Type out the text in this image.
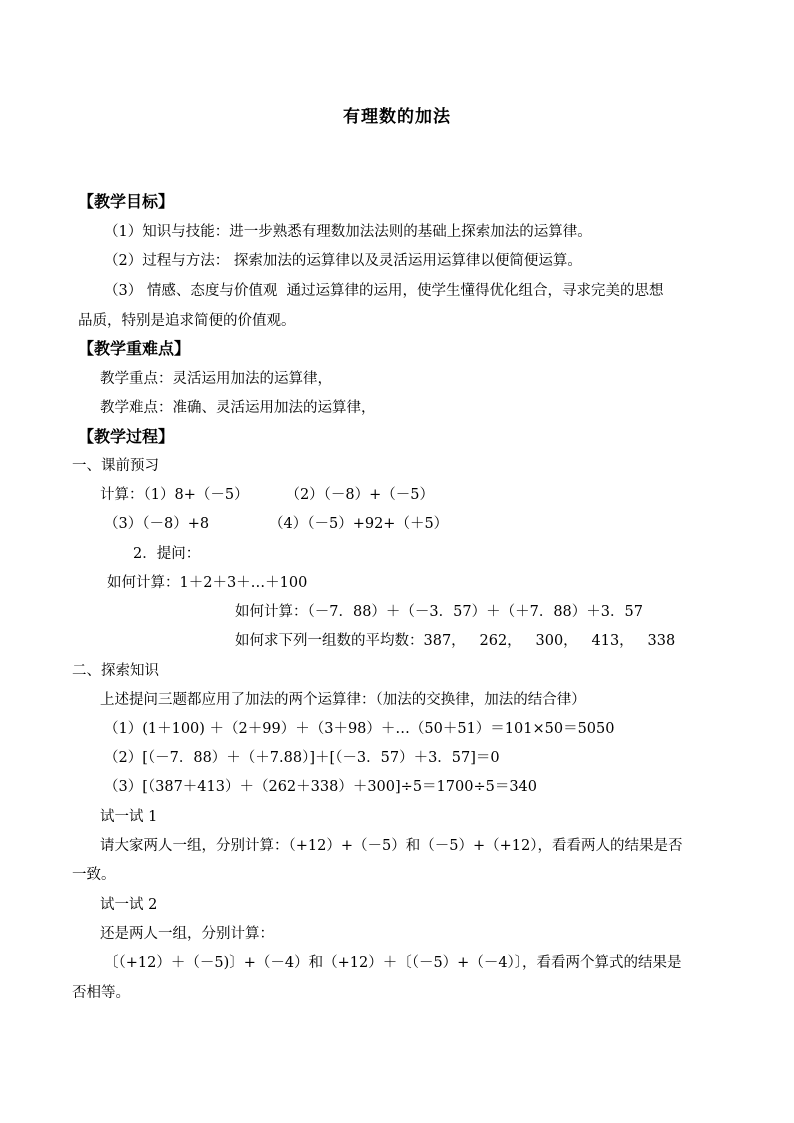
有理数的加法
【教学目标】
（1）知识与技能：进一步熟悉有理数加法法则的基础上探索加法的运算律。
（2）过程与方法： 探索加法的运算律以及灵活运用运算律以便简便运算。
（3） 情感、态度与价值观  通过运算律的运用，使学生懂得优化组合，寻求完美的思想
品质，特别是追求简便的价值观。
【教学重难点】
教学重点：灵活运用加法的运算律，
教学难点：准确、灵活运用加法的运算律，
【教学过程】
一、课前预习
计算：（1）8+（－5）        （2）（－8）+（－5）
（3）（－8）+8             （4）（－5）+92+（＋5）
2．提问：
如何计算：1＋2＋3＋…＋100
如何计算：（－7．88）＋（－3．57）＋（＋7．88）＋3．57
如何求下列一组数的平均数：387，   262，   300，   413，   338
二、探索知识
上述提问三题都应用了加法的两个运算律：（加法的交换律，加法的结合律）
（1）(1＋100) ＋（2＋99）＋（3＋98）＋…（50＋51）＝101×50＝5050
（2）[（－7．88）＋（＋7.88）]＋[（－3．57）＋3．57]＝0
（3）[（387＋413）＋（262＋338）＋300]÷5＝1700÷5＝340
试一试 1
请大家两人一组，分别计算：（+12）+（－5）和（－5）+（+12），看看两人的结果是否
一致。
试一试 2
还是两人一组，分别计算：
〔（+12）＋（－5)〕+（－4）和（+12）＋〔（－5）+（－4）〕，看看两个算式的结果是
否相等。
